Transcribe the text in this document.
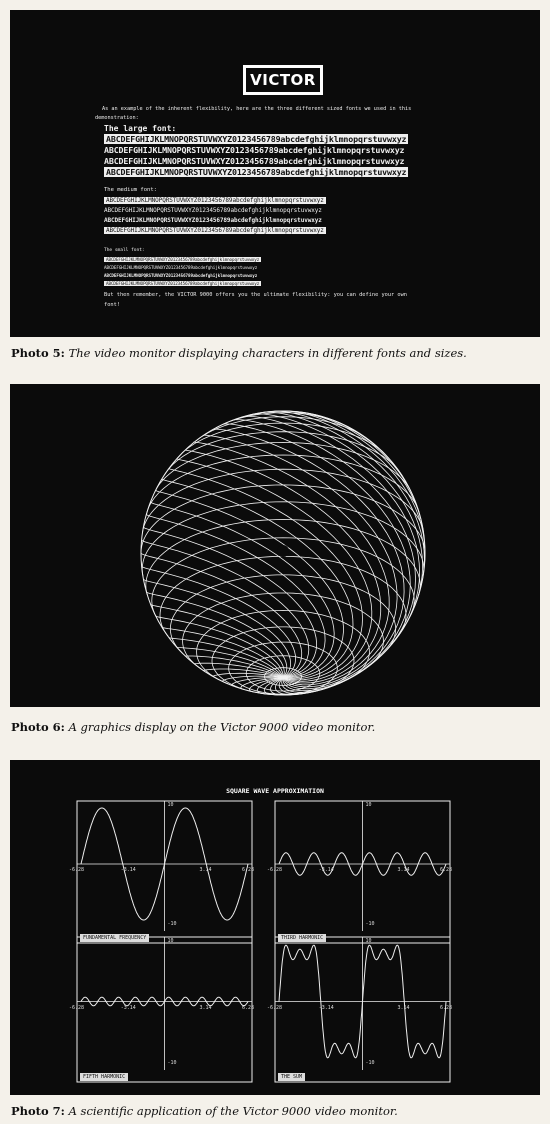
VICTOR
As an example of the inherent flexibility, here are the three different sized fonts we used in this
demonstration:
The large font:
ABCDEFGHIJKLMNOPQRSTUVWXYZ0123456789abcdefghijklmnopqrstuvwxyz
ABCDEFGHIJKLMNOPQRSTUVWXYZ0123456789abcdefghijklmnopqrstuvwxyz
ABCDEFGHIJKLMNOPQRSTUVWXYZ0123456789abcdefghijklmnopqrstuvwxyz
ABCDEFGHIJKLMNOPQRSTUVWXYZ0123456789abcdefghijklmnopqrstuvwxyz
The medium font:
ABCDEFGHIJKLMNOPQRSTUVWXYZ0123456789abcdefghijklmnopqrstuvwxyz
ABCDEFGHIJKLMNOPQRSTUVWXYZ0123456789abcdefghijklmnopqrstuvwxyz
ABCDEFGHIJKLMNOPQRSTUVWXYZ0123456789abcdefghijklmnopqrstuvwxyz
ABCDEFGHIJKLMNOPQRSTUVWXYZ0123456789abcdefghijklmnopqrstuvwxyz
The small font:
ABCDEFGHIJKLMNOPQRSTUVWXYZ0123456789abcdefghijklmnopqrstuvwxyz
ABCDEFGHIJKLMNOPQRSTUVWXYZ0123456789abcdefghijklmnopqrstuvwxyz
ABCDEFGHIJKLMNOPQRSTUVWXYZ0123456789abcdefghijklmnopqrstuvwxyz
ABCDEFGHIJKLMNOPQRSTUVWXYZ0123456789abcdefghijklmnopqrstuvwxyz
But then remember, the VICTOR 9000 offers you the ultimate flexibility: you can define your own
font!
Photo 5: The video monitor displaying characters in different fonts and sizes.
Photo 6: A graphics display on the Victor 9000 video monitor.
SQUARE WAVE APPROXIMATION
10
-10
-6.28	-3.14	3.14	6.28
FUNDAMENTAL FREQUENCY
10
-10
-6.28	-3.14	3.14	6.28
THIRD HARMONIC
10
-10
-6.28	-3.14	3.14	6.28
FIFTH HARMONIC
10
-10
-6.28	-3.14	3.14	6.28
THE SUM
Photo 7: A scientific application of the Victor 9000 video monitor.
